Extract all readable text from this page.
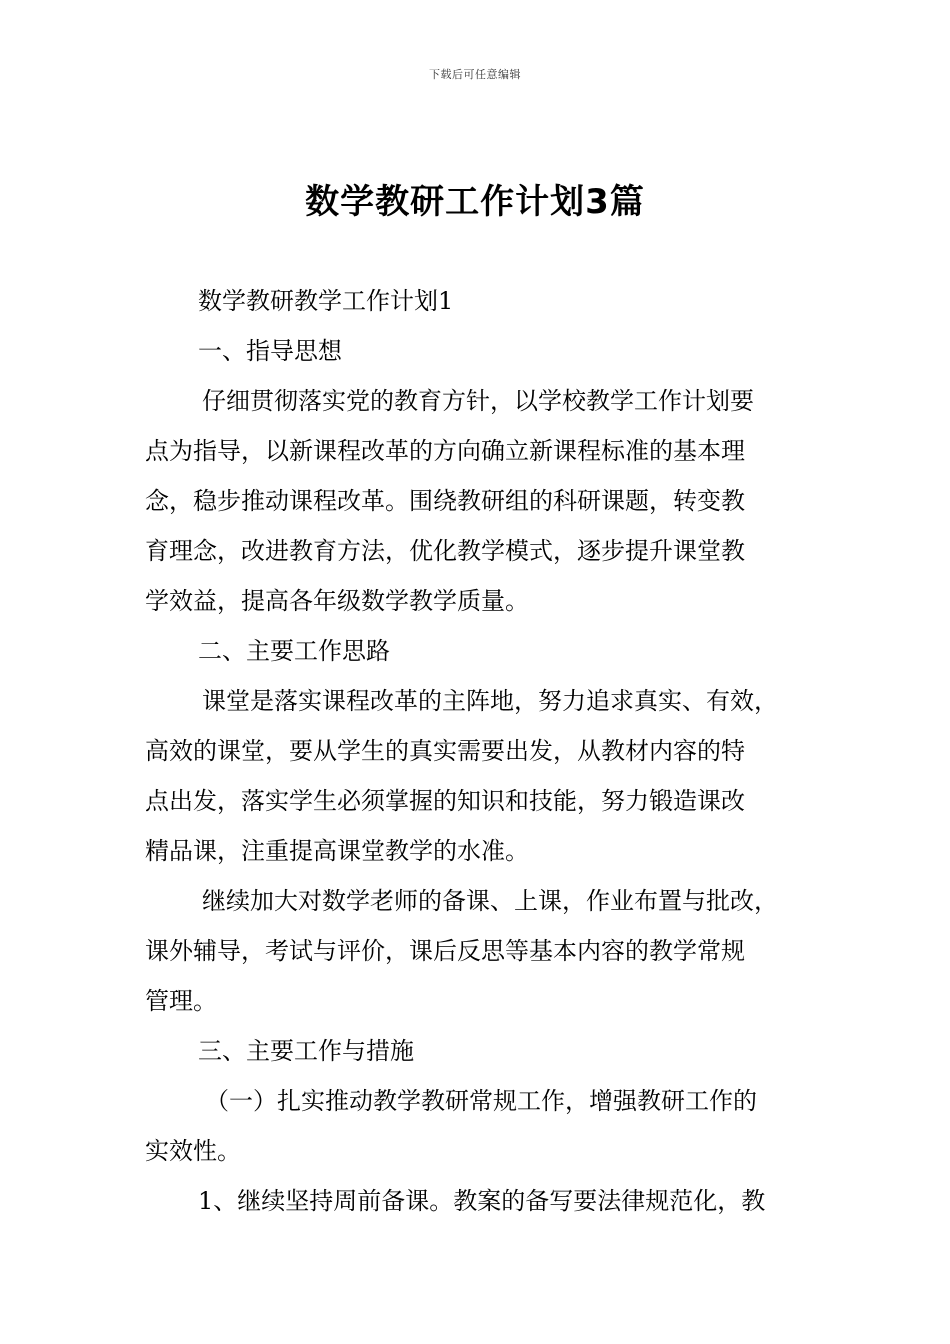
下载后可任意编辑
数学教研工作计划3篇
数学教研教学工作计划1
一、指导思想
仔细贯彻落实党的教育方针，以学校教学工作计划要
点为指导，以新课程改革的方向确立新课程标准的基本理
念，稳步推动课程改革。围绕教研组的科研课题，转变教
育理念，改进教育方法，优化教学模式，逐步提升课堂教
学效益，提高各年级数学教学质量。
二、主要工作思路
课堂是落实课程改革的主阵地，努力追求真实、有效，
高效的课堂，要从学生的真实需要出发，从教材内容的特
点出发，落实学生必须掌握的知识和技能，努力锻造课改
精品课，注重提高课堂教学的水准。
继续加大对数学老师的备课、上课，作业布置与批改，
课外辅导，考试与评价，课后反思等基本内容的教学常规
管理。
三、主要工作与措施
（一）扎实推动教学教研常规工作，增强教研工作的
实效性。
1、继续坚持周前备课。教案的备写要法律规范化，教
